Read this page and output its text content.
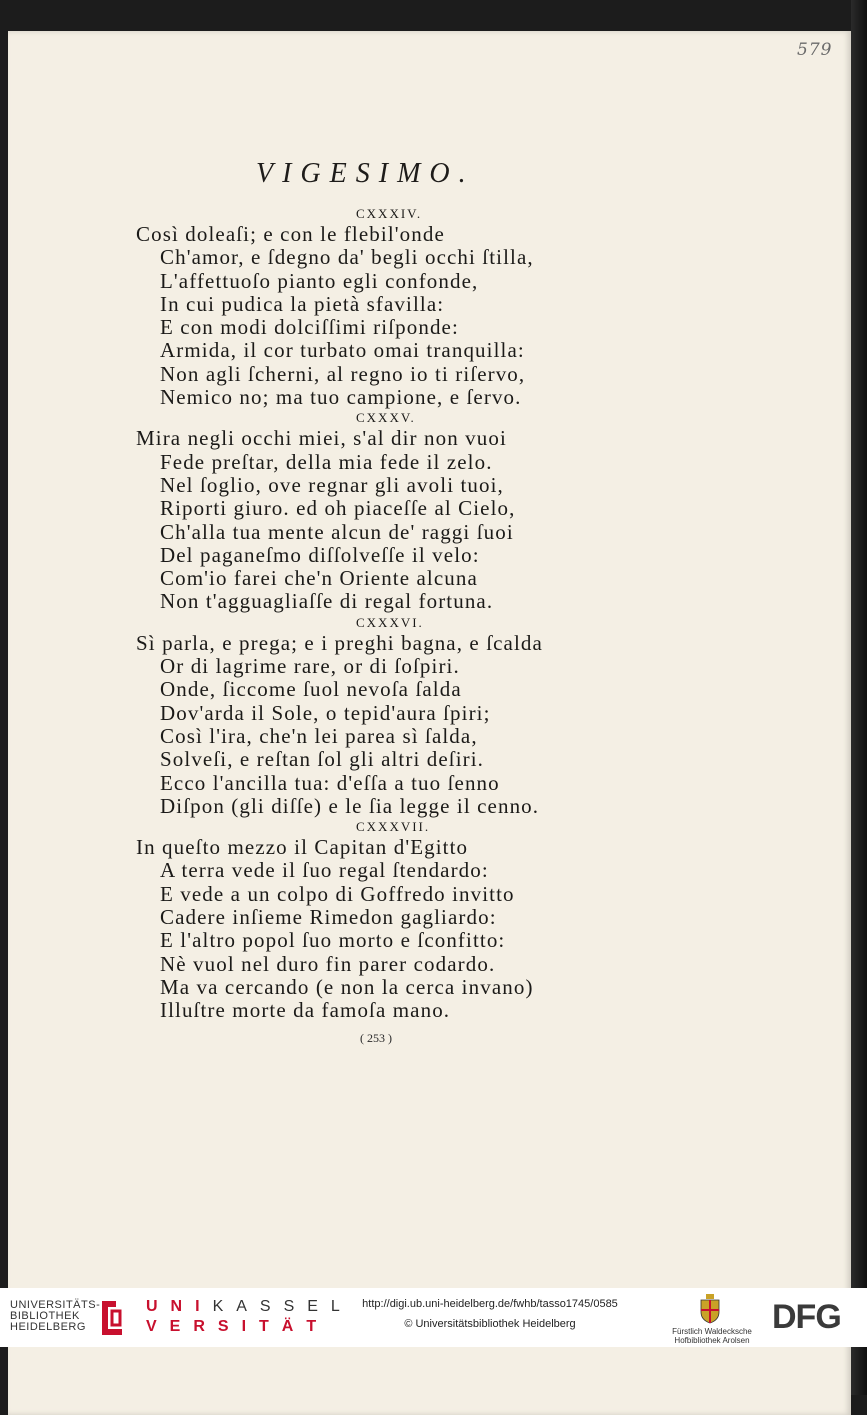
579
VIGESIMO.
CXXXIV.
Così doleaſi; e con le flebil'onde
Ch'amor, e ſdegno da' begli occhi ſtilla,
L'affettuoſo pianto egli confonde,
In cui pudica la pietà sfavilla:
E con modi dolciſſimi riſponde:
Armida, il cor turbato omai tranquilla:
Non agli ſcherni, al regno io ti riſervo,
Nemico no; ma tuo campione, e ſervo.
CXXXV.
Mira negli occhi miei, s'al dir non vuoi
Fede preſtar, della mia fede il zelo.
Nel ſoglio, ove regnar gli avoli tuoi,
Riporti giuro. ed oh piaceſſe al Cielo,
Ch'alla tua mente alcun de' raggi ſuoi
Del paganeſmo diſſolveſſe il velo:
Com'io farei che'n Oriente alcuna
Non t'agguagliaſſe di regal fortuna.
CXXXVI.
Sì parla, e prega; e i preghi bagna, e ſcalda
Or di lagrime rare, or di ſoſpiri.
Onde, ſiccome ſuol nevoſa ſalda
Dov'arda il Sole, o tepid'aura ſpiri;
Così l'ira, che'n lei parea sì ſalda,
Solveſi, e reſtan ſol gli altri deſiri.
Ecco l'ancilla tua: d'eſſa a tuo ſenno
Diſpon (gli diſſe) e le ſia legge il cenno.
CXXXVII.
In queſto mezzo il Capitan d'Egitto
A terra vede il ſuo regal ſtendardo:
E vede a un colpo di Goffredo invitto
Cadere inſieme Rimedon gagliardo:
E l'altro popol ſuo morto e ſconfitto:
Nè vuol nel duro fin parer codardo.
Ma va cercando (e non la cerca invano)
Illuſtre morte da famoſa mano.
( 253 )
UNIVERSITÄTS-
BIBLIOTHEK
HEIDELBERG
UNIKASSEL
VERSITÄT
http://digi.ub.uni-heidelberg.de/fwhb/tasso1745/0585
© Universitätsbibliothek Heidelberg
Fürstlich Waldecksche
Hofbibliothek Arolsen
DFG
